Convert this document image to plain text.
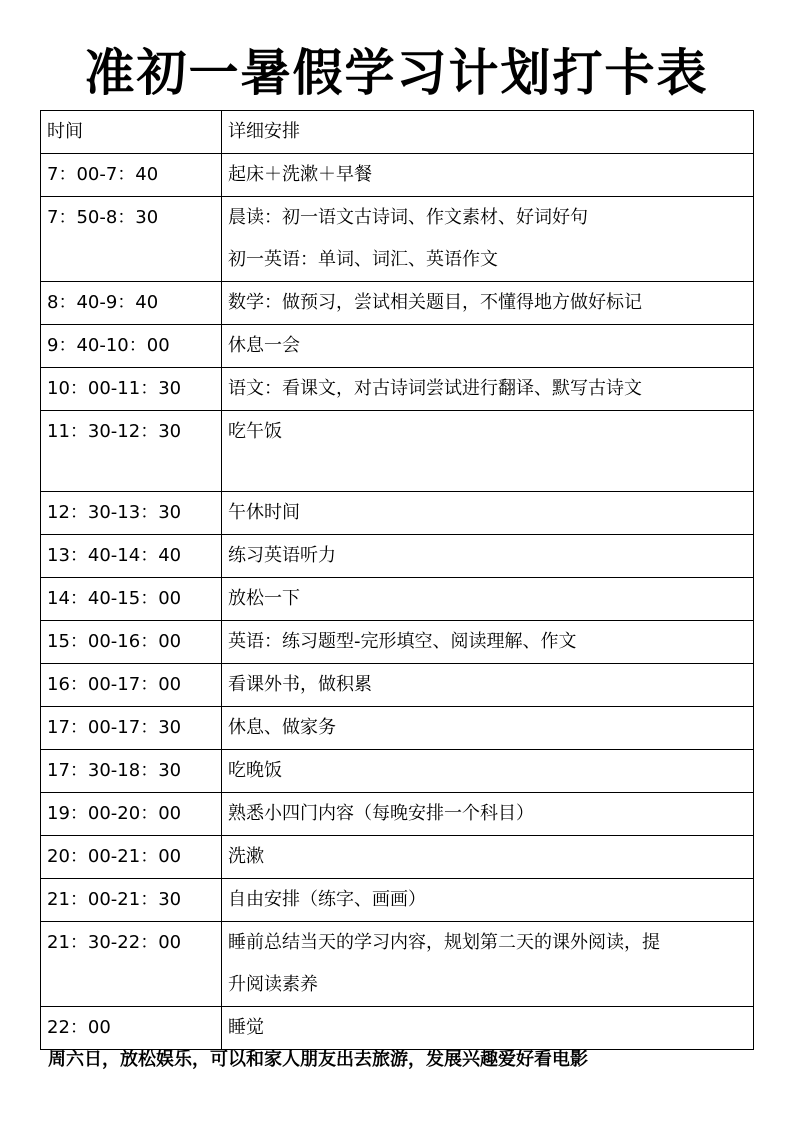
准初一暑假学习计划打卡表
时间	详细安排
7：00-7：40	起床＋洗漱＋早餐

7：50-8：30	晨读：初一语文古诗词、作文素材、好词好句
初一英语：单词、词汇、英语作文

8：40-9：40	数学：做预习，尝试相关题目，不懂得地方做好标记

9：40-10：00	休息一会

10：00-11：30	语文：看课文，对古诗词尝试进行翻译、默写古诗文

11：30-12：30	吃午饭

12：30-13：30	午休时间

13：40-14：40	练习英语听力

14：40-15：00	放松一下

15：00-16：00	英语：练习题型-完形填空、阅读理解、作文

16：00-17：00	看课外书，做积累

17：00-17：30	休息、做家务

17：30-18：30	吃晚饭

19：00-20：00	熟悉小四门内容（每晚安排一个科目）

20：00-21：00	洗漱

21：00-21：30	自由安排（练字、画画）

21：30-22：00	睡前总结当天的学习内容，规划第二天的课外阅读，提
升阅读素养

22：00	睡觉
周六日，放松娱乐，可以和家人朋友出去旅游，发展兴趣爱好看电影
